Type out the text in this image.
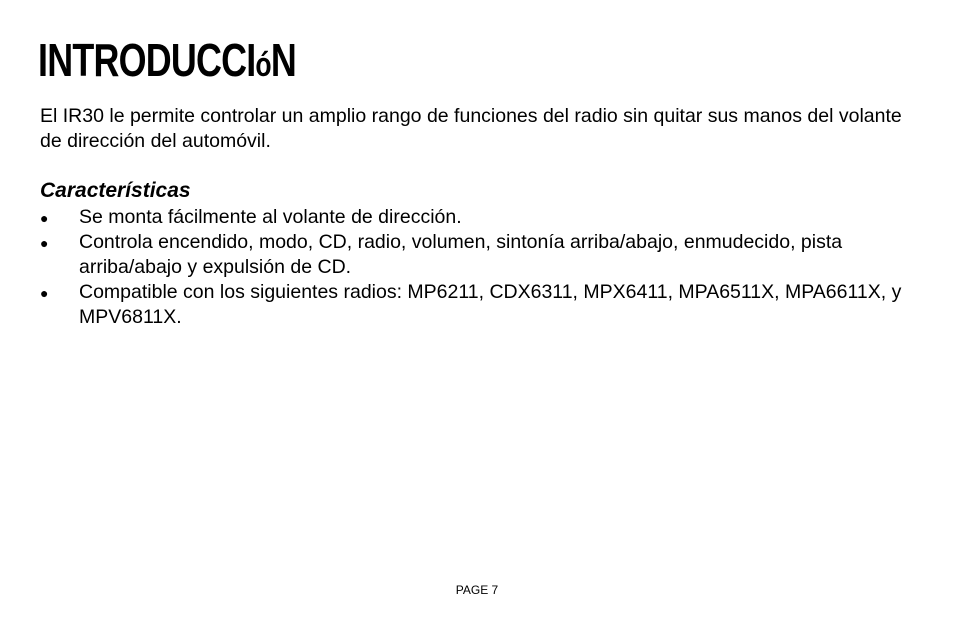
INTRODUCCIóN

El IR30 le permite controlar un amplio rango de funciones del radio sin quitar sus manos del volante de dirección del automóvil.

Características
● Se monta fácilmente al volante de dirección.
● Controla encendido, modo, CD, radio, volumen, sintonía arriba/abajo, enmudecido, pista arriba/abajo y expulsión de CD.
● Compatible con los siguientes radios: MP6211, CDX6311, MPX6411, MPA6511X, MPA6611X, y MPV6811X.
PAGE 7
